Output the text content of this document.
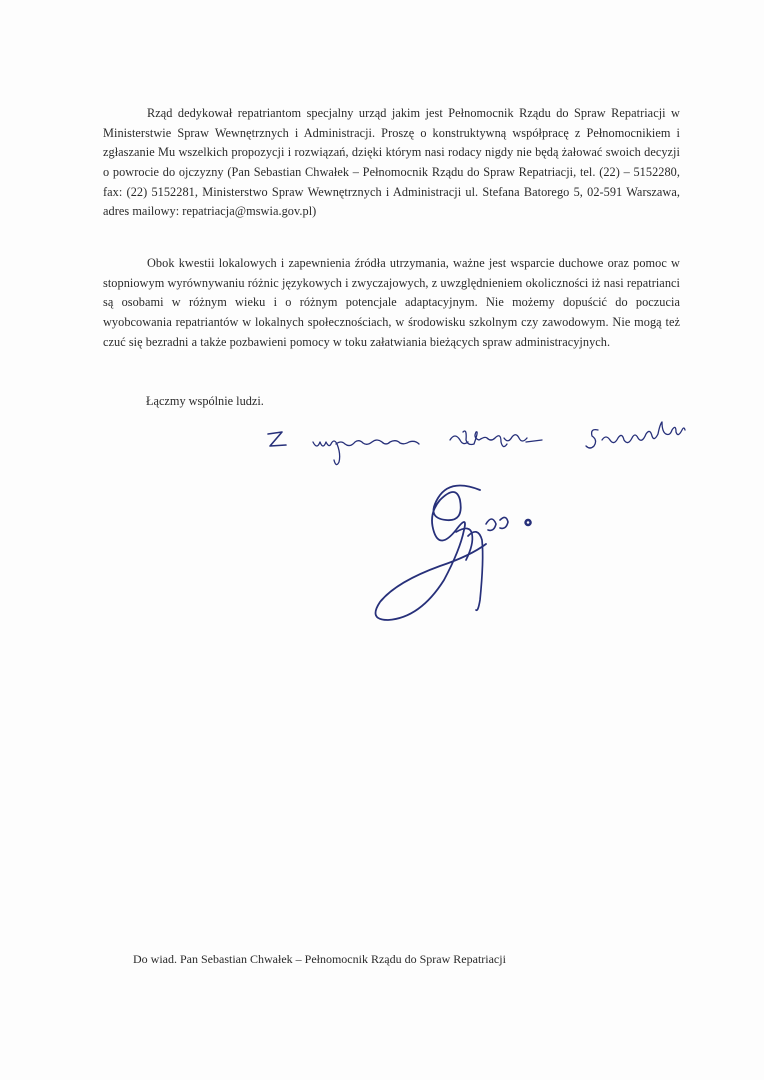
Rząd dedykował repatriantom specjalny urząd jakim jest Pełnomocnik Rządu do Spraw Repatriacji w Ministerstwie Spraw Wewnętrznych i Administracji. Proszę o konstruktywną współpracę z Pełnomocnikiem i zgłaszanie Mu wszelkich propozycji i rozwiązań, dzięki którym nasi rodacy nigdy nie będą żałować swoich decyzji o powrocie do ojczyzny (Pan Sebastian Chwałek – Pełnomocnik Rządu do Spraw Repatriacji, tel. (22) – 5152280, fax: (22) 5152281, Ministerstwo Spraw Wewnętrznych i Administracji ul. Stefana Batorego 5, 02-591 Warszawa, adres mailowy: repatriacja@mswia.gov.pl)

Obok kwestii lokalowych i zapewnienia źródła utrzymania, ważne jest wsparcie duchowe oraz pomoc w stopniowym wyrównywaniu różnic językowych i zwyczajowych, z uwzględnieniem okoliczności iż nasi repatrianci są osobami w różnym wieku i o różnym potencjale adaptacyjnym. Nie możemy dopuścić do poczucia wyobcowania repatriantów w lokalnych społecznościach, w środowisku szkolnym czy zawodowym. Nie mogą też czuć się bezradni a także pozbawieni pomocy w toku załatwiania bieżących spraw administracyjnych.

Łączmy wspólnie ludzi.
Do wiad. Pan Sebastian Chwałek – Pełnomocnik Rządu do Spraw Repatriacji
